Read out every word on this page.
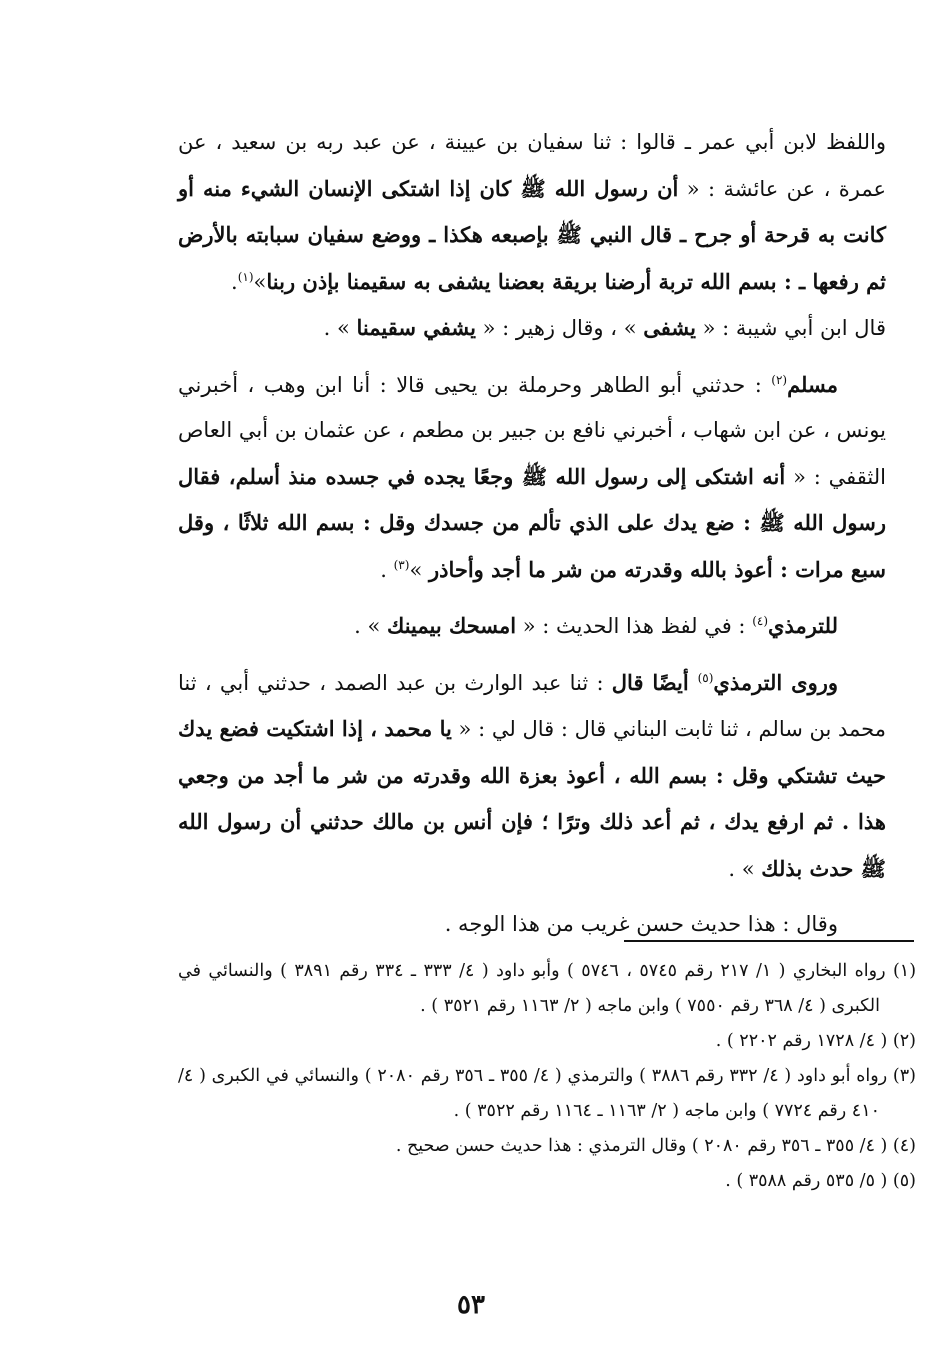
واللفظ لابن أبي عمر ـ قالوا : ثنا سفيان بن عيينة ، عن عبد ربه بن سعيد ، عن عمرة ، عن عائشة : « أن رسول الله ﷺ كان إذا اشتكى الإنسان الشيء منه أو كانت به قرحة أو جرح ـ قال النبي ﷺ بإصبعه هكذا ـ ووضع سفيان سبابته بالأرض ثم رفعها ـ : بسم الله تربة أرضنا بريقة بعضنا يشفى به سقيمنا بإذن ربنا»$^{(١)}$.

قال ابن أبي شيبة : « يشفى » ، وقال زهير : « يشفي سقيمنا » .

مسلم$^{(٢)}$ : حدثني أبو الطاهر وحرملة بن يحيى قالا : أنا ابن وهب ، أخبرني يونس ، عن ابن شهاب ، أخبرني نافع بن جبير بن مطعم ، عن عثمان بن أبي العاص الثقفي : « أنه اشتكى إلى رسول الله ﷺ وجعًا يجده في جسده منذ أسلم، فقال رسول الله ﷺ : ضع يدك على الذي تألم من جسدك وقل : بسم الله ثلاثًا ، وقل سبع مرات : أعوذ بالله وقدرته من شر ما أجد وأحاذر »$^{(٣)}$ .

للترمذي$^{(٤)}$ : في لفظ هذا الحديث : « امسحك بيمينك » .

وروى الترمذي$^{(٥)}$ أيضًا قال : ثنا عبد الوارث بن عبد الصمد ، حدثني أبي ، ثنا محمد بن سالم ، ثنا ثابت البناني قال : قال لي : « يا محمد ، إذا اشتكيت فضع يدك حيث تشتكي وقل : بسم الله ، أعوذ بعزة الله وقدرته من شر ما أجد من وجعي هذا . ثم ارفع يدك ، ثم أعد ذلك وترًا ؛ فإن أنس بن مالك حدثني أن رسول الله ﷺ حدث بذلك » .

وقال : هذا حديث حسن غريب من هذا الوجه .

(١) رواه البخاري ( ١/ ٢١٧ رقم ٥٧٤٥ ، ٥٧٤٦ ) وأبو داود ( ٤/ ٣٣٣ ـ ٣٣٤ رقم ٣٨٩١ ) والنسائي في الكبرى ( ٤/ ٣٦٨ رقم ٧٥٥٠ ) وابن ماجه ( ٢/ ١١٦٣ رقم ٣٥٢١ ) .

(٢) ( ٤/ ١٧٢٨ رقم ٢٢٠٢ ) .

(٣) رواه أبو داود ( ٤/ ٣٣٢ رقم ٣٨٨٦ ) والترمذي ( ٤/ ٣٥٥ ـ ٣٥٦ رقم ٢٠٨٠ ) والنسائي في الكبرى ( ٤/ ٤١٠ رقم ٧٧٢٤ ) وابن ماجه ( ٢/ ١١٦٣ ـ ١١٦٤ رقم ٣٥٢٢ ) .

(٤) ( ٤/ ٣٥٥ ـ ٣٥٦ رقم ٢٠٨٠ ) وقال الترمذي : هذا حديث حسن صحيح .

(٥) ( ٥/ ٥٣٥ رقم ٣٥٨٨ ) .

٥٣
